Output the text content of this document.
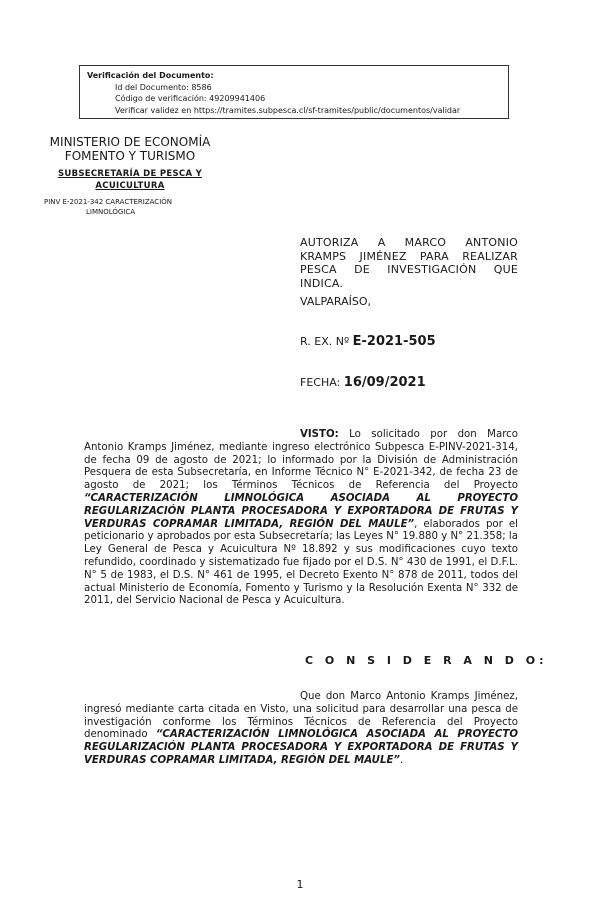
Verificación del Documento:
• Id del Documento: 8586
• Código de verificación: 49209941406
• Verificar validez en https://tramites.subpesca.cl/sf-tramites/public/documentos/validar
MINISTERIO DE ECONOMÍA
FOMENTO Y TURISMO
SUBSECRETARÍA DE PESCA Y
ACUICULTURA
PINV E-2021-342 CARACTERIZACIÓN
LIMNOLÓGICA
AUTORIZA A MARCO ANTONIO KRAMPS JIMÉNEZ PARA REALIZAR PESCA DE INVESTIGACIÓN QUE INDICA.
VALPARAÍSO,
R. EX. Nº E-2021-505
FECHA: 16/09/2021
VISTO: Lo solicitado por don Marco Antonio Kramps Jiménez, mediante ingreso electrónico Subpesca E-PINV-2021-314, de fecha 09 de agosto de 2021; lo informado por la División de Administración Pesquera de esta Subsecretaría, en Informe Técnico N° E-2021-342, de fecha 23 de agosto de 2021; los Términos Técnicos de Referencia del Proyecto “CARACTERIZACIÓN LIMNOLÓGICA ASOCIADA AL PROYECTO REGULARIZACIÓN PLANTA PROCESADORA Y EXPORTADORA DE FRUTAS Y VERDURAS COPRAMAR LIMITADA, REGIÓN DEL MAULE”, elaborados por el peticionario y aprobados por esta Subsecretaría; las Leyes N° 19.880 y N° 21.358; la Ley General de Pesca y Acuicultura Nº 18.892 y sus modificaciones cuyo texto refundido, coordinado y sistematizado fue fijado por el D.S. N° 430 de 1991, el D.F.L. N° 5 de 1983, el D.S. N° 461 de 1995, el Decreto Exento N° 878 de 2011, todos del actual Ministerio de Economía, Fomento y Turismo y la Resolución Exenta N° 332 de 2011, del Servicio Nacional de Pesca y Acuicultura.
C O N S I D E R A N D O:
Que don Marco Antonio Kramps Jiménez, ingresó mediante carta citada en Visto, una solicitud para desarrollar una pesca de investigación conforme los Términos Técnicos de Referencia del Proyecto denominado “CARACTERIZACIÓN LIMNOLÓGICA ASOCIADA AL PROYECTO REGULARIZACIÓN PLANTA PROCESADORA Y EXPORTADORA DE FRUTAS Y VERDURAS COPRAMAR LIMITADA, REGIÓN DEL MAULE”.
1
